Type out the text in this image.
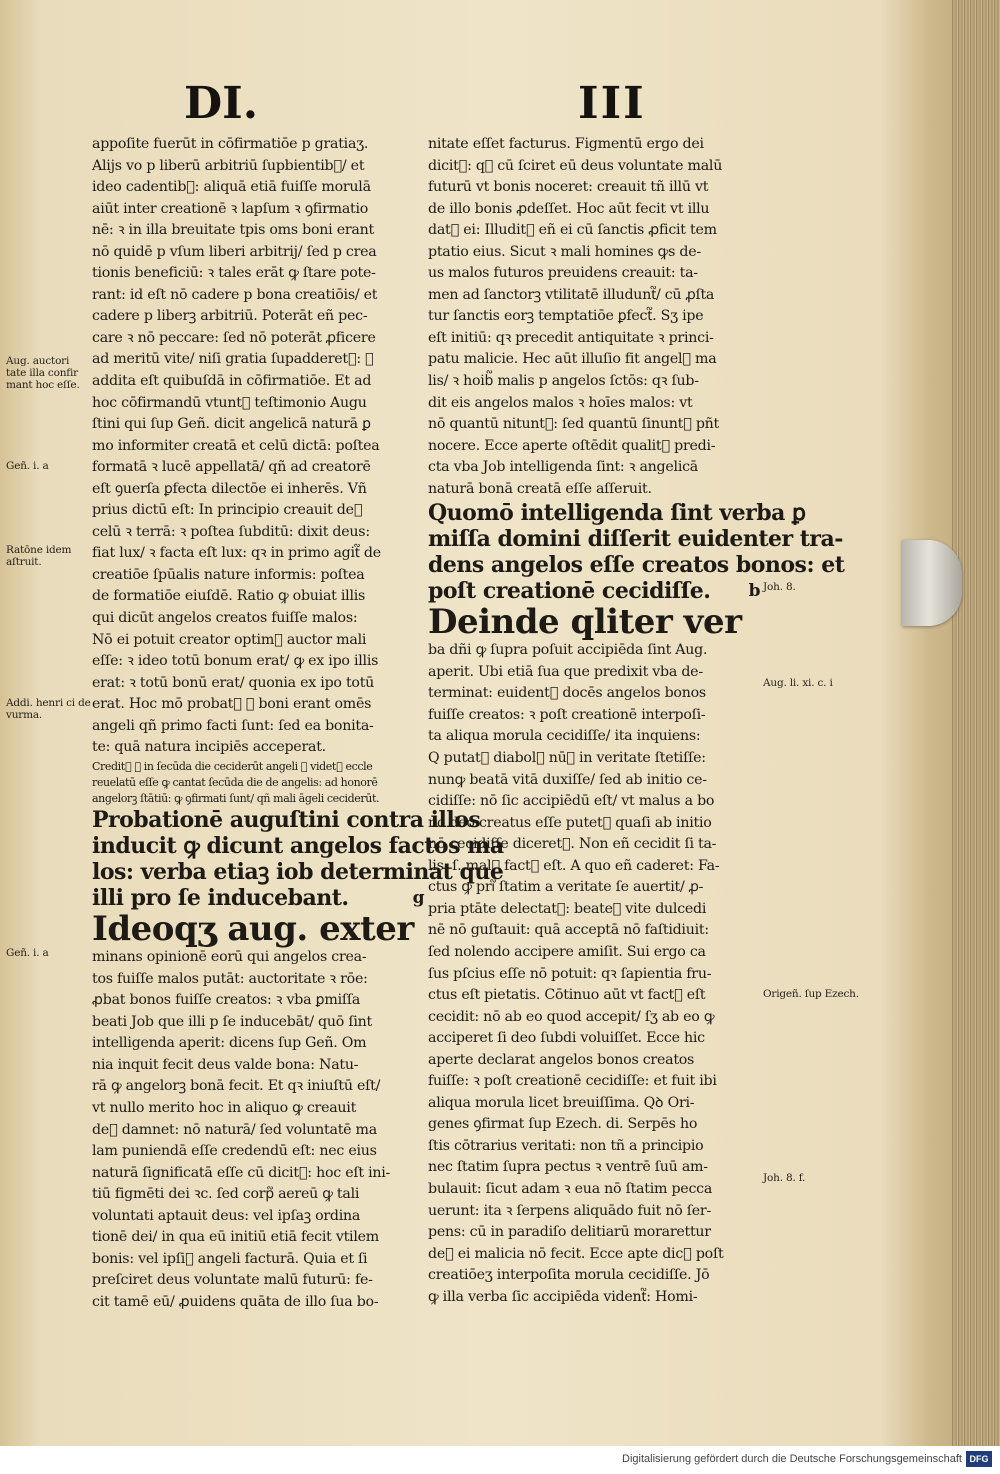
DI.	III
appoſite fuerūt in cōfirmatiōe p gratiaʒ.
Alijs vo p liberū arbitriū ſupbientib᷑/ et
ideo cadentib᷑: aliquā etiā fuiſſe morulā
aiūt inter creationē ꝛ lapſum ꝛ ꝯfirmatio
nē: ꝛ in illa breuitate tpis oms boni erant
nō quidē p vſum liberi arbitrij/ ſed p crea
tionis beneficiū: ꝛ tales erāt ꝙ ſtare pote-
rant: id eſt nō cadere p bona creatiōis/ et
cadere p liberꝫ arbitriū. Poterāt eñ pec-
care ꝛ nō peccare: ſed nō poterāt ꝓficere
ad meritū vite/ niſi gratia ſupadderet᷑: ꝙ
addita eſt quibuſdā in cōfirmatiōe. Et ad
hoc cōfirmandū vtunt᷑ teſtimonio Augu
ſtini qui ſup Geñ. dicit angelicā naturā ꝑ
mo informiter creatā et celū dictā: poſtea
formatā ꝛ lucē appellatā/ qñ ad creatorē
eſt ꝯuerſa ꝑfecta dilectōe ei inherēs. Vñ
prius dictū eſt: In principio creauit de᷑
celū ꝛ terrā: ꝛ poſtea ſubditū: dixit deus:
fiat lux/ ꝛ facta eſt lux: qꝛ in primo agit᷑ de
creatiōe ſpūalis nature informis: poſtea
de formatiōe eiuſdē. Ratio ꝙ obuiat illis
qui dicūt angelos creatos fuiſſe malos:
Nō ei potuit creator optim᷑ auctor mali
eſſe: ꝛ ideo totū bonum erat/ ꝙ ex ipo illis
erat: ꝛ totū bonū erat/ quonia ex ipo totū
erat. Hoc mō probat᷑ ꝙ boni erant omēs
angeli qñ primo facti ſunt: ſed ea bonita-
te: quā natura incipiēs acceperat.
Credit᷑ ꝙ in ſecūda die ceciderūt angeli ꝙ videt᷑ eccle
reuelatū eſſe ꝙ cantat ſecūda die de angelis: ad honorē
angelorꝫ ſtātiū: ꝙ ꝯfirmati ſunt/ qñ mali āgeli ceciderūt.
Probationē auguſtini contra illos
inducit ꝙ dicunt angelos factos ma
los: verba etiaꝫ iob determinat que
illi pro ſe inducebant.	g
Ideoqʒ aug. exter
minans opinionē eorū qui angelos crea-
tos fuiſſe malos putāt: auctoritate ꝛ rōe:
ꝓbat bonos fuiſſe creatos: ꝛ vba ꝑmiſſa
beati Job que illi p ſe inducebāt/ quō ſint
intelligenda aperit: dicens ſup Geñ. Om
nia inquit fecit deus valde bona: Natu-
rā ꝙ angelorꝫ bonā fecit. Et qꝛ iniuſtū eſt/
vt nullo merito hoc in aliquo ꝙ creauit
de᷑ damnet: nō naturā/ ſed voluntatē ma
lam puniendā eſſe credendū eſt: nec eius
naturā ſignificatā eſſe cū dicit᷑: hoc eſt ini-
tiū figmēti dei ꝛc. ſed corp᷑ aereū ꝙ tali
voluntati aptauit deus: vel ipſaꝫ ordina
tionē dei/ in qua eū initiū etiā fecit vtilem
bonis: vel ipſi᷑ angeli facturā. Quia et ſi
preſciret deus voluntate malū futurū: fe-
cit tamē eū/ ꝓuidens quāta de illo ſua bo-
nitate eſſet facturus. Figmentū ergo dei
dicit᷑: qꝛ cū ſciret eū deus voluntate malū
futurū vt bonis noceret: creauit tñ illū vt
de illo bonis ꝓdeſſet. Hoc aūt fecit vt illu
dat᷑ ei: Illudit᷑ eñ ei cū ſanctis ꝓficit tem
ptatio eius. Sicut ꝛ mali homines ꝙs de-
us malos futuros preuidens creauit: ta-
men ad ſanctorꝫ vtilitatē illudunt᷑/ cū ꝓſta
tur ſanctis eorꝫ temptatiōe ꝑfect᷑. Sʒ ipe
eſt initiū: qꝛ precedit antiquitate ꝛ princi-
patu malicie. Hec aūt illuſio fit angel᷑ ma
lis/ ꝛ hoib᷑ malis p angelos ſctōs: qꝛ ſub-
dit eis angelos malos ꝛ hoīes malos: vt
nō quantū nitunt᷑: ſed quantū ſinunt᷑ pñt
nocere. Ecce aperte oſtēdit qualit᷑ predi-
cta vba Job intelligenda ſint: ꝛ angelicā
naturā bonā creatā eſſe aſſeruit.
Quomō intelligenda ſint verba ꝑ
miſſa domini diſſerit euidenter tra-
dens angelos eſſe creatos bonos: et
poſt creationē cecidiſſe. b
Deinde qliter ver
ba dñi ꝙ ſupra poſuit accipiēda ſint Aug.
aperit. Ubi etiā ſua que predixit vba de-
terminat: euident᷑ docēs angelos bonos
fuiſſe creatos: ꝛ poſt creationē interpoſi-
ta aliqua morula cecidiſſe/ ita inquiens:
Q putat᷑ diabol᷑ nūꝙ in veritate ſtetiſſe:
nunꝙ beatā vitā duxiſſe/ ſed ab initio ce-
cidiſſe: nō ſic accipiēdū eſt/ vt malus a bo
no deo creatus eſſe putet᷑ quaſi ab initio
nō cecidiſſe diceret᷑. Non eñ cecidit ſi ta-
lis. ſ. mal᷑ fact᷑ eſt. A quo eñ caderet: Fa-
ctus ꝙ pri᷑ ſtatim a veritate ſe auertit/ ꝓ-
pria ptāte delectat᷑: beateꝙ vite dulcedi
nē nō guſtauit: quā acceptā nō faſtidiuit:
ſed nolendo accipere amiſit. Sui ergo ca
ſus pſcius eſſe nō potuit: qꝛ ſapientia fru-
ctus eſt pietatis. Cōtinuo aūt vt fact᷑ eſt
cecidit: nō ab eo quod accepit/ ſʒ ab eo ꝙ
acciperet ſi deo ſubdi voluiſſet. Ecce hic
aperte declarat angelos bonos creatos
fuiſſe: ꝛ poſt creationē cecidiſſe: et fuit ibi
aliqua morula licet breuiſſima. Qꝺ Ori-
genes ꝯfirmat ſup Ezech. di. Serpēs ho
ſtis cōtrarius veritati: non tñ a principio
nec ſtatim ſupra pectus ꝛ ventrē ſuū am-
bulauit: ſicut adam ꝛ eua nō ſtatim pecca
uerunt: ita ꝛ ſerpens aliquādo fuit nō ſer-
pens: cū in paradiſo delitiarū morarettur
de᷑ ei malicia nō fecit. Ecce apte dic᷑ poſt
creatiōeʒ interpoſita morula cecidiſſe. Jō
ꝙ illa verba ſic accipiēda vident᷑: Homi-
Aug. auctori tate illa confir mant hoc eſſe.
Geñ. i. a
Ratōne idem aſtruit.
Addi. henri ci de vurma.
Geñ. i. a
Joh. 8.
Aug. li. xi. c. i
Origeñ. ſup Ezech.
Joh. 8. f.
Digitalisierung gefördert durch die Deutsche Forschungsgemeinschaft DFG
